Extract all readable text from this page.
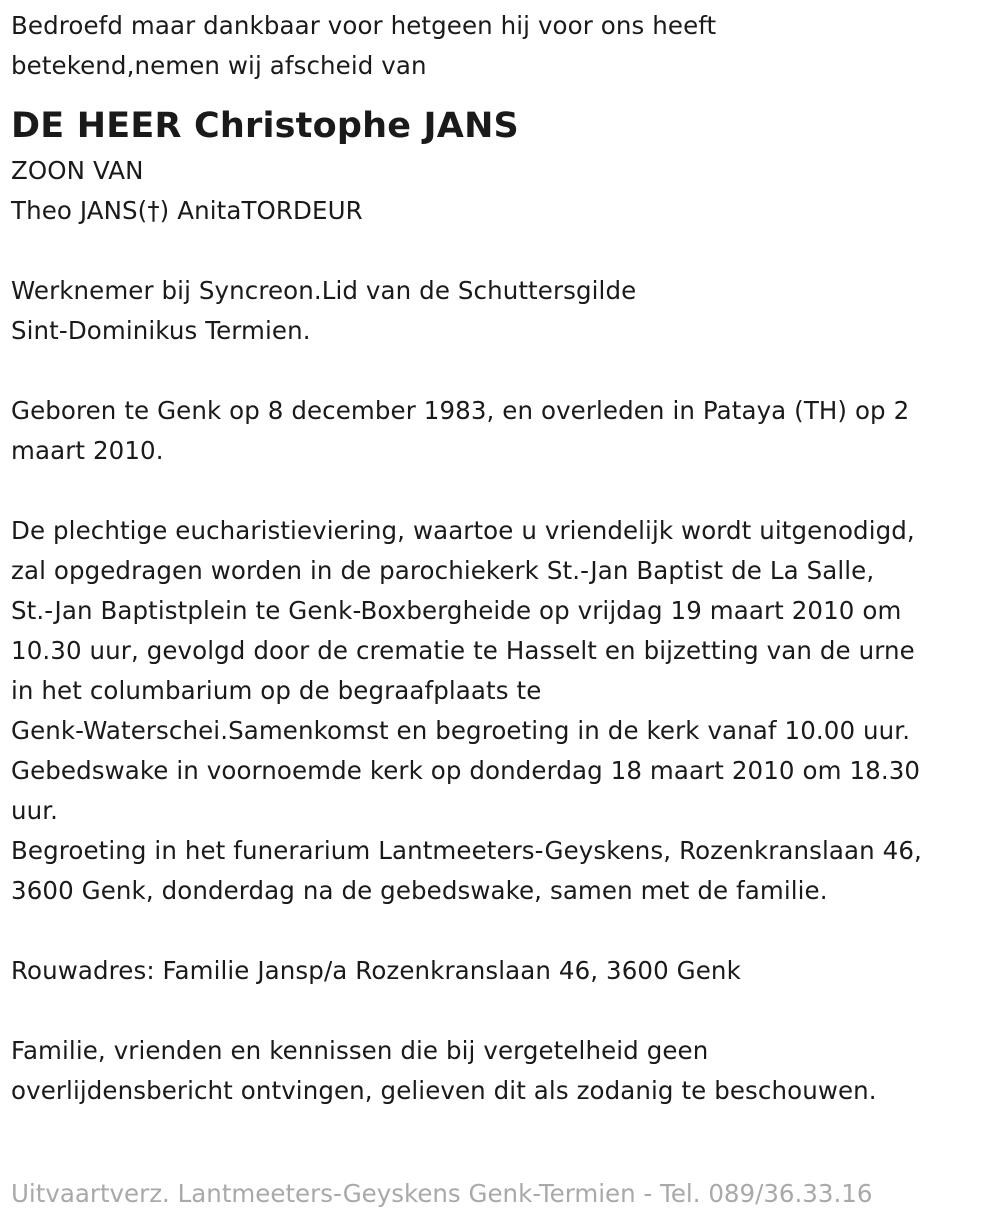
Bedroefd maar dankbaar voor hetgeen hij voor ons heeft
betekend,nemen wij afscheid van
DE HEER Christophe JANS
ZOON VAN
Theo JANS(†) AnitaTORDEUR
Werknemer bij Syncreon.Lid van de Schuttersgilde
Sint-Dominikus Termien.
Geboren te Genk op 8 december 1983, en overleden in Pataya (TH) op 2
maart 2010.
De plechtige eucharistieviering, waartoe u vriendelijk wordt uitgenodigd,
zal opgedragen worden in de parochiekerk St.-Jan Baptist de La Salle,
St.-Jan Baptistplein te Genk-Boxbergheide op vrijdag 19 maart 2010 om
10.30 uur, gevolgd door de crematie te Hasselt en bijzetting van de urne
in het columbarium op de begraafplaats te
Genk-Waterschei.Samenkomst en begroeting in de kerk vanaf 10.00 uur.
Gebedswake in voornoemde kerk op donderdag 18 maart 2010 om 18.30
uur.
Begroeting in het funerarium Lantmeeters-Geyskens, Rozenkranslaan 46,
3600 Genk, donderdag na de gebedswake, samen met de familie.
Rouwadres: Familie Jansp/a Rozenkranslaan 46, 3600 Genk
Familie, vrienden en kennissen die bij vergetelheid geen
overlijdensbericht ontvingen, gelieven dit als zodanig te beschouwen.
Uitvaartverz. Lantmeeters-Geyskens Genk-Termien - Tel. 089/36.33.16
